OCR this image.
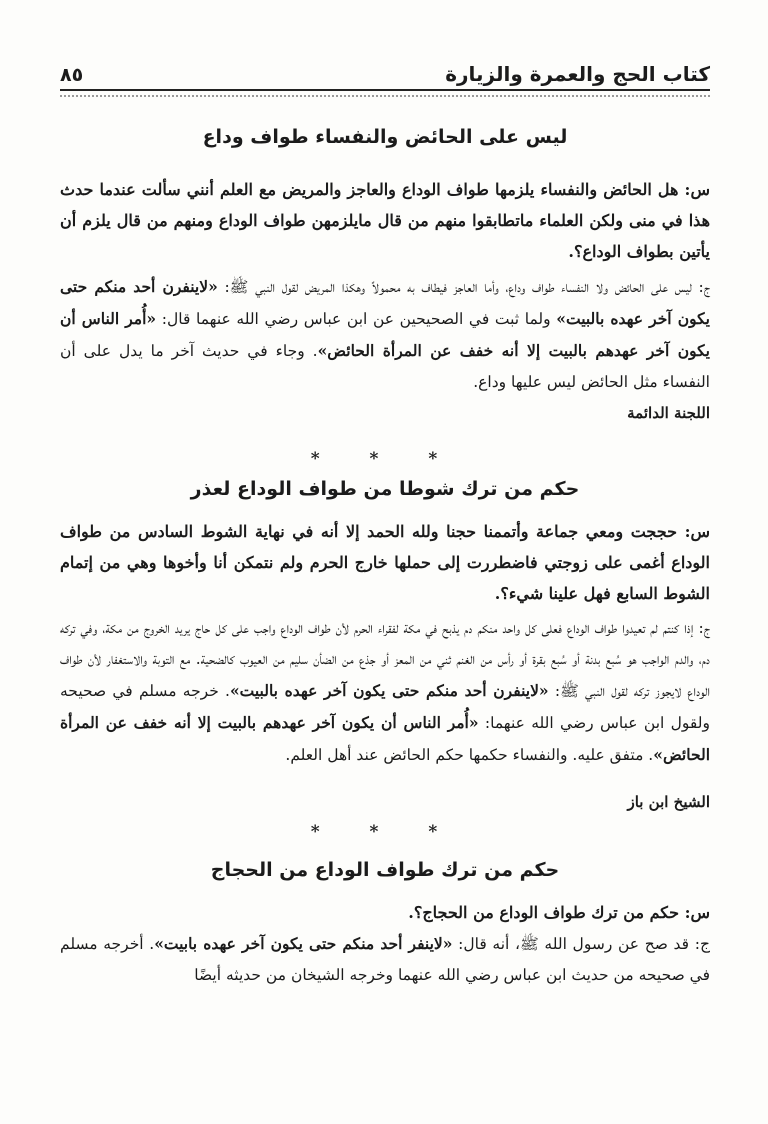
كتاب الحج والعمرة والزيارة
٨٥
ليس على الحائض والنفساء طواف وداع

س: هل الحائض والنفساء يلزمها طواف الوداع والعاجز والمريض مع العلم أنني سألت عندما حدث هذا في منى ولكن العلماء ماتطابقوا منهم من قال مايلزمهن طواف الوداع ومنهم من قال يلزم أن يأتين بطواف الوداع؟.

ج: ليس على الحائض ولا النفساء طواف وداع، وأما العاجز فيطاف به محمولاً وهكذا المريض لقول النبي ﷺ: «لاينفرن أحد منكم حتى يكون آخر عهده بالبيت» ولما ثبت في الصحيحين عن ابن عباس رضي الله عنهما قال: «أُمر الناس أن يكون آخر عهدهم بالبيت إلا أنه خفف عن المرأة الحائض». وجاء في حديث آخر ما يدل على أن النفساء مثل الحائض ليس عليها وداع.

اللجنة الدائمة
* * *
حكم من ترك شوطا من طواف الوداع لعذر

س: حججت ومعي جماعة وأتممنا حجنا ولله الحمد إلا أنه في نهاية الشوط السادس من طواف الوداع أغمى على زوجتي فاضطررت إلى حملها خارج الحرم ولم نتمكن أنا وأخوها وهي من إتمام الشوط السابع فهل علينا شيء؟.

ج: إذا كنتم لم تعيدوا طواف الوداع فعلى كل واحد منكم دم يذبح في مكة لفقراء الحرم لأن طواف الوداع واجب على كل حاج يريد الخروج من مكة، وفي تركه دم، والدم الواجب هو سُبع بدنة أو سُبع بقرة أو رأس من الغنم ثني من المعز أو جذع من الضأن سليم من العيوب كالضحية. مع التوبة والاستغفار لأن طواف الوداع لايجوز تركه لقول النبي ﷺ: «لاينفرن أحد منكم حتى يكون آخر عهده بالبيت». خرجه مسلم في صحيحه ولقول ابن عباس رضي الله عنهما: «أُمر الناس أن يكون آخر عهدهم بالبيت إلا أنه خفف عن المرأة الحائض». متفق عليه. والنفساء حكمها حكم الحائض عند أهل العلم.

الشيخ ابن باز
* * *
حكم من ترك طواف الوداع من الحجاج

س: حكم من ترك طواف الوداع من الحجاج؟.

ج: قد صح عن رسول الله ﷺ، أنه قال: «لاينفر أحد منكم حتى يكون آخر عهده بابيت». أخرجه مسلم في صحيحه من حديث ابن عباس رضي الله عنهما وخرجه الشيخان من حديثه أيضًا
